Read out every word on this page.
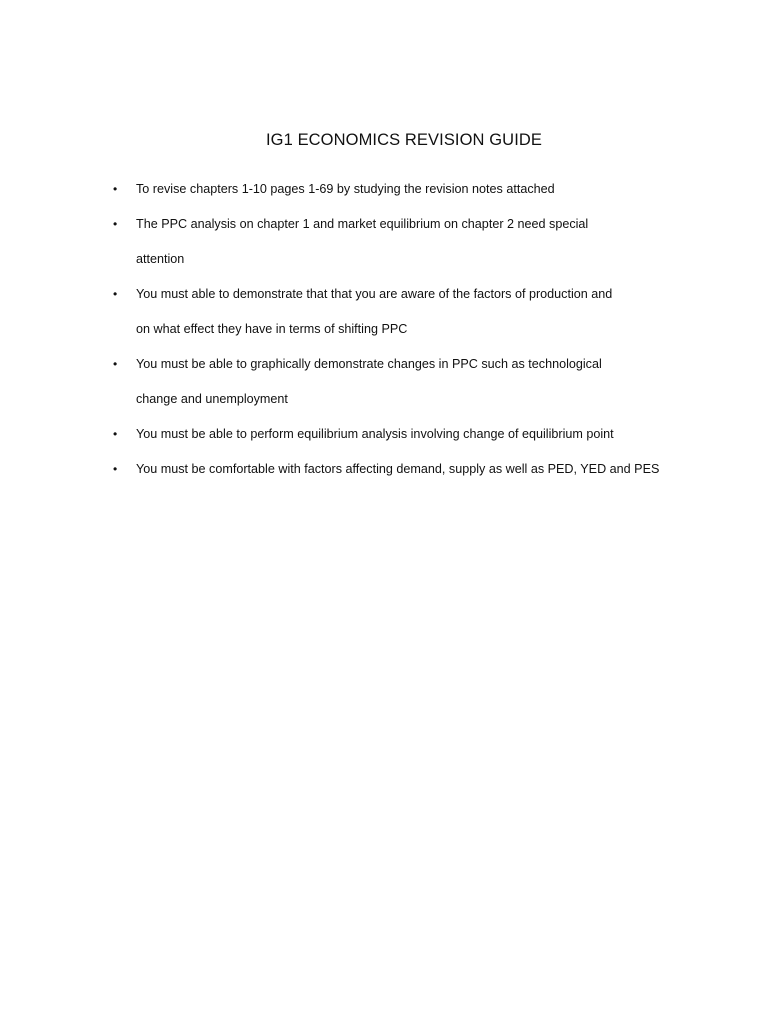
IG1 ECONOMICS REVISION GUIDE
• To revise chapters 1-10 pages 1-69 by studying the revision notes attached
• The PPC analysis on chapter 1 and market equilibrium on chapter 2 need special
attention
• You must able to demonstrate that that you are aware of the factors of production and
on what effect they have in terms of shifting PPC
• You must be able to graphically demonstrate changes in PPC such as technological
change and unemployment
• You must be able to perform equilibrium analysis involving change of equilibrium point
• You must be comfortable with factors affecting demand, supply as well as PED, YED and PES
